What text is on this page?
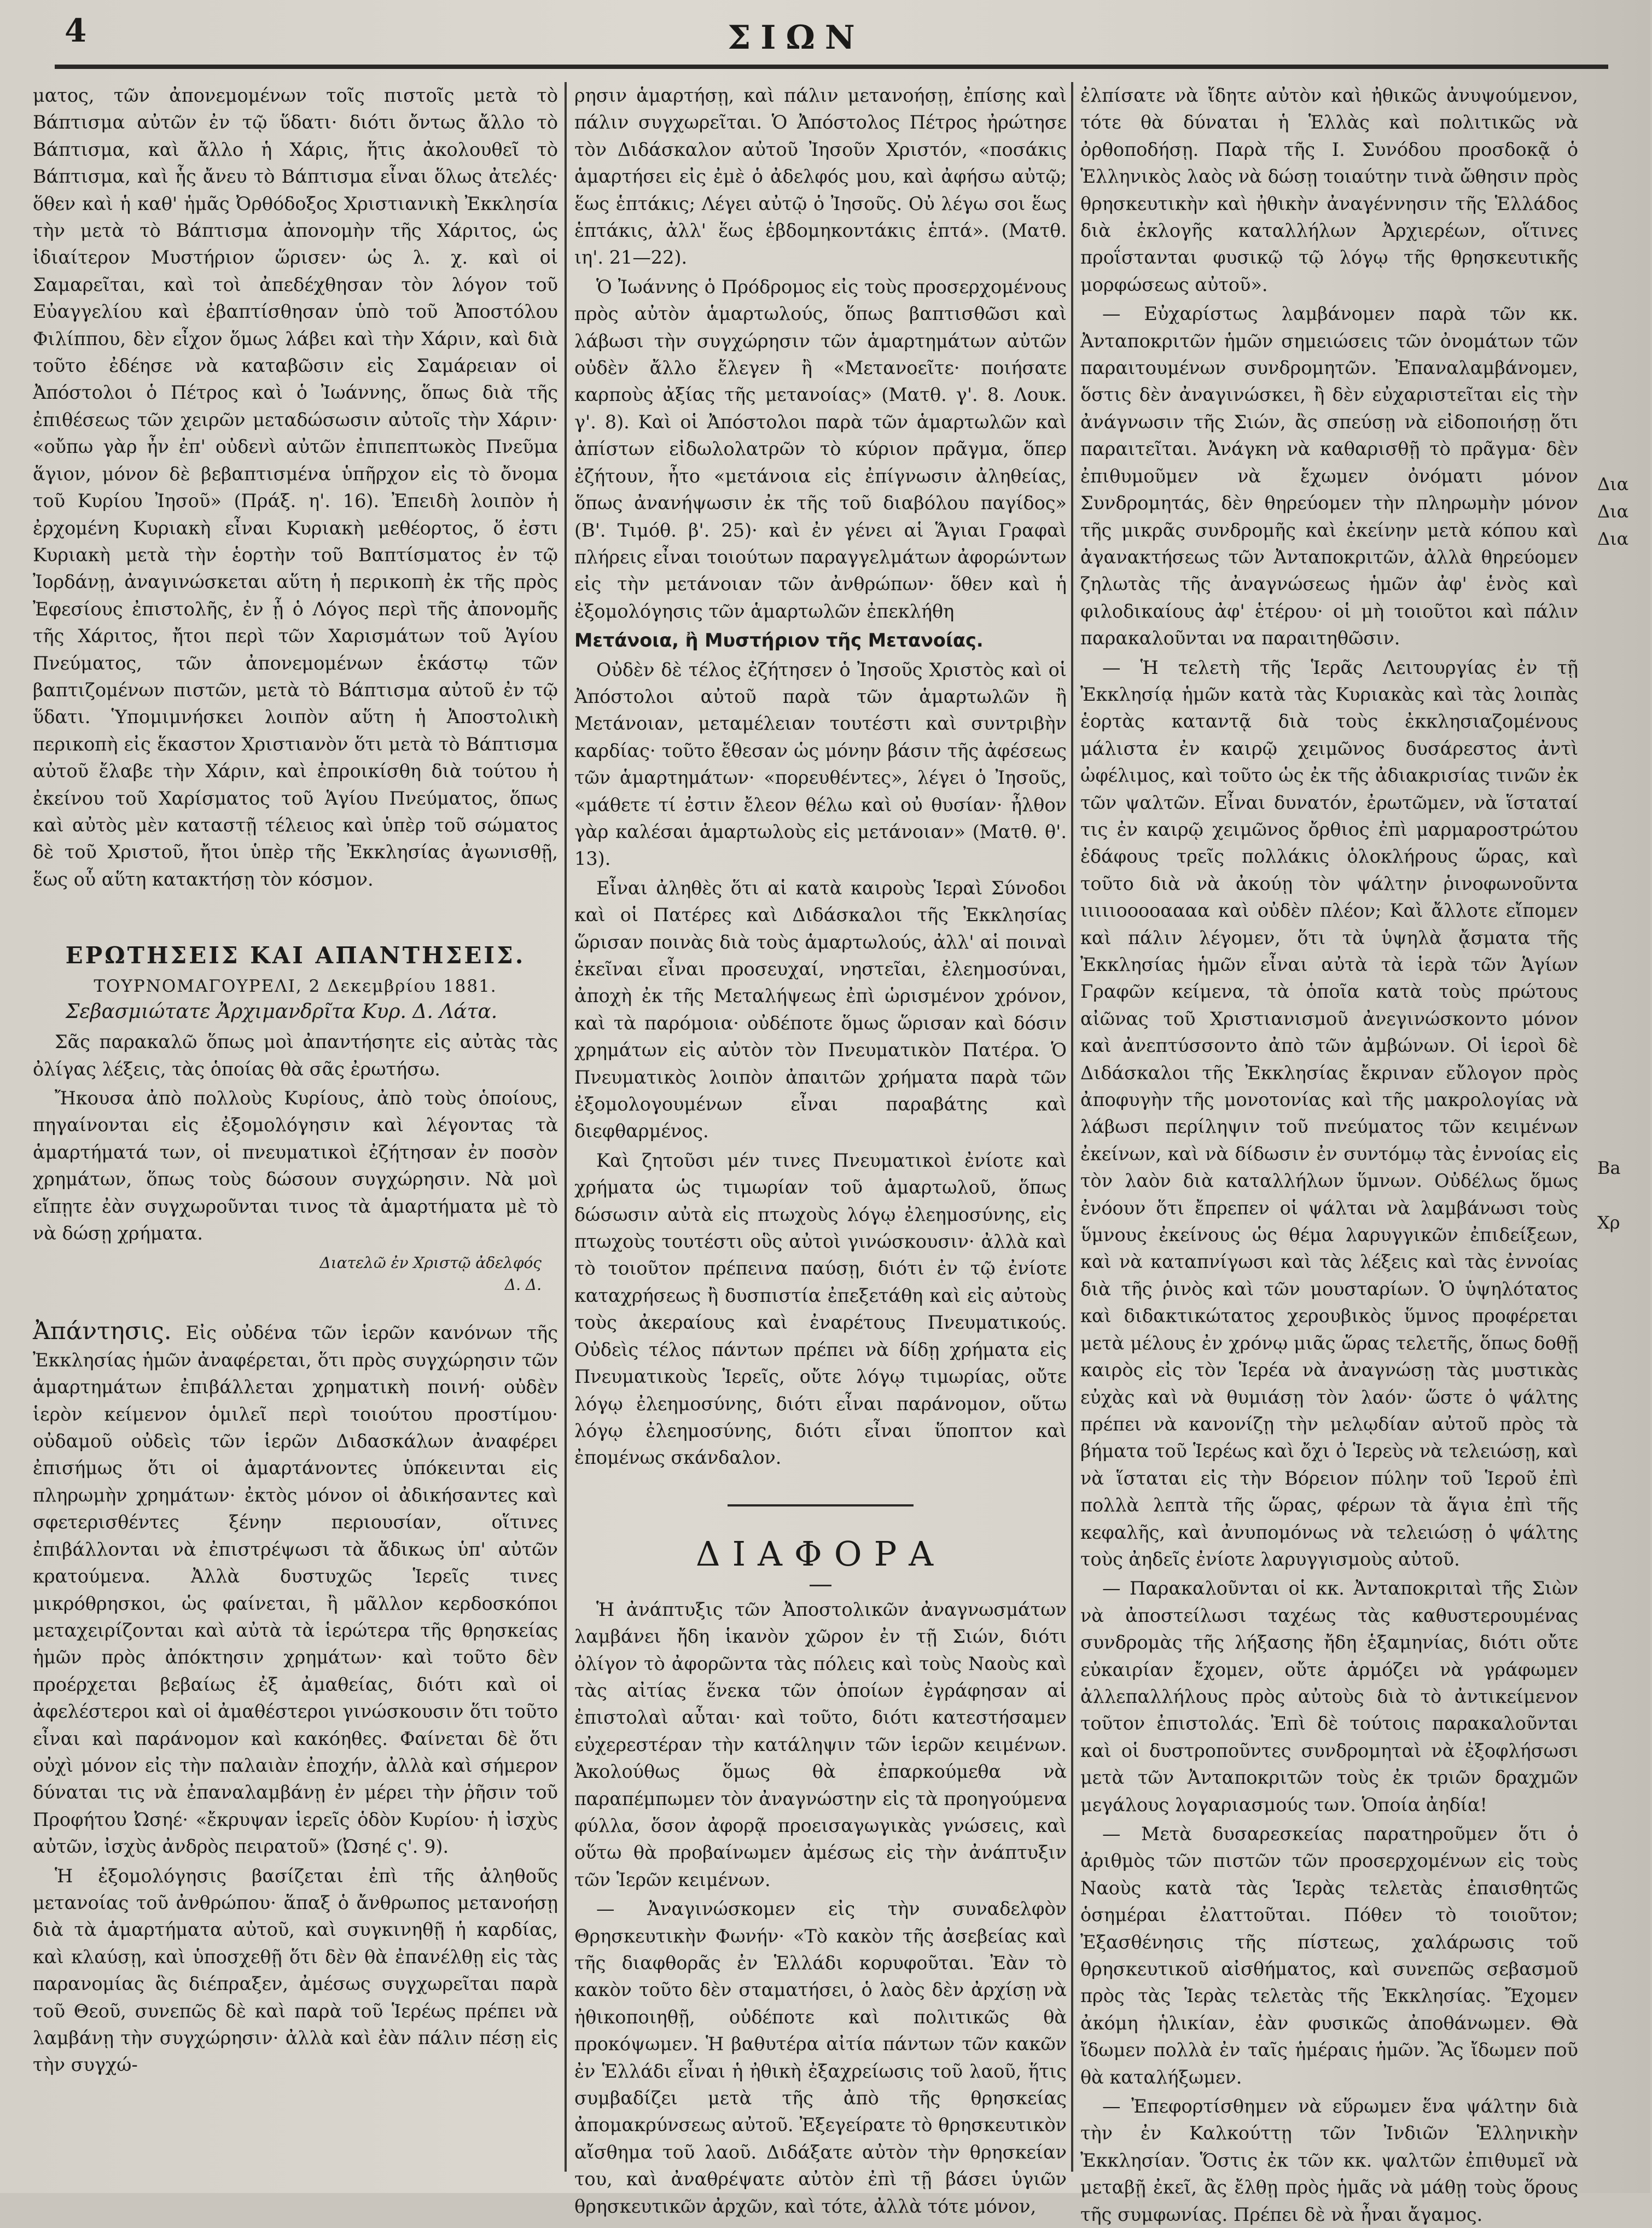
4	ΣΙΩΝ

ματος, τῶν ἀπονεμομένων τοῖς πιστοῖς μετὰ τὸ Βάπτισμα αὐτῶν ἐν τῷ ὕδατι· διότι ὄντως ἄλλο τὸ Βάπτισμα, καὶ ἄλλο ἡ Χάρις, ἥτις ἀκολουθεῖ τὸ Βάπτισμα, καὶ ἧς ἄνευ τὸ Βάπτισμα εἶναι ὅλως ἀτελές· ὅθεν καὶ ἡ καθ' ἡμᾶς Ὀρθόδοξος Χριστιανικὴ Ἐκκλησία τὴν μετὰ τὸ Βάπτισμα ἀπονομὴν τῆς Χάριτος, ὡς ἰδιαίτερον Μυστήριον ὥρισεν· ὡς λ. χ. καὶ οἱ Σαμαρεῖται, καὶ τοὶ ἀπεδέχθησαν τὸν λόγον τοῦ Εὐαγγελίου καὶ ἐβαπτίσθησαν ὑπὸ τοῦ Ἀποστόλου Φιλίππου, δὲν εἶχον ὅμως λάβει καὶ τὴν Χάριν, καὶ διὰ τοῦτο ἐδέησε νὰ καταβῶσιν εἰς Σαμάρειαν οἱ Ἀπόστολοι ὁ Πέτρος καὶ ὁ Ἰωάννης, ὅπως διὰ τῆς ἐπιθέσεως τῶν χειρῶν μεταδώσωσιν αὐτοῖς τὴν Χάριν· «οὔπω γὰρ ἦν ἐπ' οὐδενὶ αὐτῶν ἐπιπεπτωκὸς Πνεῦμα ἅγιον, μόνον δὲ βεβαπτισμένα ὑπῆρχον εἰς τὸ ὄνομα τοῦ Κυρίου Ἰησοῦ» (Πράξ. η'. 16). Ἐπειδὴ λοιπὸν ἡ ἐρχομένη Κυριακὴ εἶναι Κυριακὴ μεθέορτος, ὅ ἐστι Κυριακὴ μετὰ τὴν ἑορτὴν τοῦ Βαπτίσματος ἐν τῷ Ἰορδάνῃ, ἀναγινώσκεται αὕτη ἡ περικοπὴ ἐκ τῆς πρὸς Ἐφεσίους ἐπιστολῆς, ἐν ᾗ ὁ Λόγος περὶ τῆς ἀπονομῆς τῆς Χάριτος, ἤτοι περὶ τῶν Χαρισμάτων τοῦ Ἁγίου Πνεύματος, τῶν ἀπονεμομένων ἑκάστῳ τῶν βαπτιζομένων πιστῶν, μετὰ τὸ Βάπτισμα αὐτοῦ ἐν τῷ ὕδατι. Ὑπομιμνήσκει λοιπὸν αὕτη ἡ Ἀποστολικὴ περικοπὴ εἰς ἕκαστον Χριστιανὸν ὅτι μετὰ τὸ Βάπτισμα αὐτοῦ ἔλαβε τὴν Χάριν, καὶ ἐπροικίσθη διὰ τούτου ἡ ἐκείνου τοῦ Χαρίσματος τοῦ Ἁγίου Πνεύματος, ὅπως καὶ αὐτὸς μὲν καταστῇ τέλειος καὶ ὑπὲρ τοῦ σώματος δὲ τοῦ Χριστοῦ, ἤτοι ὑπὲρ τῆς Ἐκκλησίας ἀγωνισθῇ, ἕως οὗ αὕτη κατακτήσῃ τὸν κόσμον.

ΕΡΩΤΗΣΕΙΣ ΚΑΙ ΑΠΑΝΤΗΣΕΙΣ.
ΤΟΥΡΝΟΜΑΓΟΥΡΕΛΙ, 2 Δεκεμβρίου 1881.
Σεβασμιώτατε Ἀρχιμανδρῖτα Κυρ. Δ. Λάτα.

Σᾶς παρακαλῶ ὅπως μοὶ ἀπαντήσητε εἰς αὐτὰς τὰς ὀλίγας λέξεις, τὰς ὁποίας θὰ σᾶς ἐρωτήσω.

Ἤκουσα ἀπὸ πολλοὺς Κυρίους, ἀπὸ τοὺς ὁποίους, πηγαίνονται εἰς ἐξομολόγησιν καὶ λέγοντας τὰ ἁμαρτήματά των, οἱ πνευματικοὶ ἐζήτησαν ἐν ποσὸν χρημάτων, ὅπως τοὺς δώσουν συγχώρησιν. Νὰ μοὶ εἴπῃτε ἐὰν συγχωροῦνται τινος τὰ ἁμαρτήματα μὲ τὸ νὰ δώσῃ χρήματα.

Διατελῶ ἐν Χριστῷ ἀδελφός
Δ. Δ.

Ἀπάντησις. Εἰς οὐδένα τῶν ἱερῶν κανόνων τῆς Ἐκκλησίας ἡμῶν ἀναφέρεται, ὅτι πρὸς συγχώρησιν τῶν ἁμαρτημάτων ἐπιβάλλεται χρηματικὴ ποινή· οὐδὲν ἱερὸν κείμενον ὁμιλεῖ περὶ τοιούτου προστίμου· οὐδαμοῦ οὐδεὶς τῶν ἱερῶν Διδασκάλων ἀναφέρει ἐπισήμως ὅτι οἱ ἁμαρτάνοντες ὑπόκεινται εἰς πληρωμὴν χρημάτων· ἐκτὸς μόνον οἱ ἀδικήσαντες καὶ σφετερισθέντες ξένην περιουσίαν, οἵτινες ἐπιβάλλονται νὰ ἐπιστρέψωσι τὰ ἄδικως ὑπ' αὐτῶν κρατούμενα. Ἀλλὰ δυστυχῶς Ἱερεῖς τινες μικρόθρησκοι, ὡς φαίνεται, ἢ μᾶλλον κερδοσκόποι μεταχειρίζονται καὶ αὐτὰ τὰ ἱερώτερα τῆς θρησκείας ἡμῶν πρὸς ἀπόκτησιν χρημάτων· καὶ τοῦτο δὲν προέρχεται βεβαίως ἐξ ἀμαθείας, διότι καὶ οἱ ἀφελέστεροι καὶ οἱ ἀμαθέστεροι γινώσκουσιν ὅτι τοῦτο εἶναι καὶ παράνομον καὶ κακόηθες. Φαίνεται δὲ ὅτι οὐχὶ μόνον εἰς τὴν παλαιὰν ἐποχήν, ἀλλὰ καὶ σήμερον δύναται τις νὰ ἐπαναλαμβάνῃ ἐν μέρει τὴν ῥῆσιν τοῦ Προφήτου Ὠσηέ· «ἔκρυψαν ἱερεῖς ὁδὸν Κυρίου· ἡ ἰσχὺς αὐτῶν, ἰσχὺς ἀνδρὸς πειρατοῦ» (Ὠσηέ ς'. 9).

Ἡ ἐξομολόγησις βασίζεται ἐπὶ τῆς ἀληθοῦς μετανοίας τοῦ ἀνθρώπου· ἅπαξ ὁ ἄνθρωπος μετανοήσῃ διὰ τὰ ἁμαρτήματα αὐτοῦ, καὶ συγκινηθῇ ἡ καρδίας, καὶ κλαύσῃ, καὶ ὑποσχεθῇ ὅτι δὲν θὰ ἐπανέλθῃ εἰς τὰς παρανομίας ἃς διέπραξεν, ἀμέσως συγχωρεῖται παρὰ τοῦ Θεοῦ, συνεπῶς δὲ καὶ παρὰ τοῦ Ἱερέως πρέπει νὰ λαμβάνῃ τὴν συγχώρησιν· ἀλλὰ καὶ ἐὰν πάλιν πέσῃ εἰς τὴν συγχώ-

ρησιν ἁμαρτήσῃ, καὶ πάλιν μετανοήσῃ, ἐπίσης καὶ πάλιν συγχωρεῖται. Ὁ Ἀπόστολος Πέτρος ἠρώτησε τὸν Διδάσκαλον αὐτοῦ Ἰησοῦν Χριστόν, «ποσάκις ἁμαρτήσει εἰς ἐμὲ ὁ ἀδελφός μου, καὶ ἀφήσω αὐτῷ; ἕως ἑπτάκις; Λέγει αὐτῷ ὁ Ἰησοῦς. Οὐ λέγω σοι ἕως ἑπτάκις, ἀλλ' ἕως ἑβδομηκοντάκις ἑπτά». (Ματθ. ιη'. 21—22).

Ὁ Ἰωάννης ὁ Πρόδρομος εἰς τοὺς προσερχομένους πρὸς αὐτὸν ἁμαρτωλούς, ὅπως βαπτισθῶσι καὶ λάβωσι τὴν συγχώρησιν τῶν ἁμαρτημάτων αὐτῶν οὐδὲν ἄλλο ἔλεγεν ἢ «Μετανοεῖτε· ποιήσατε καρποὺς ἀξίας τῆς μετανοίας» (Ματθ. γ'. 8. Λουκ. γ'. 8). Καὶ οἱ Ἀπόστολοι παρὰ τῶν ἁμαρτωλῶν καὶ ἀπίστων εἰδωλολατρῶν τὸ κύριον πρᾶγμα, ὅπερ ἐζήτουν, ἦτο «μετάνοια εἰς ἐπίγνωσιν ἀληθείας, ὅπως ἀνανήψωσιν ἐκ τῆς τοῦ διαβόλου παγίδος» (Β'. Τιμόθ. β'. 25)· καὶ ἐν γένει αἱ Ἅγιαι Γραφαὶ πλήρεις εἶναι τοιούτων παραγγελμάτων ἀφορώντων εἰς τὴν μετάνοιαν τῶν ἀνθρώπων· ὅθεν καὶ ἡ ἐξομολόγησις τῶν ἁμαρτωλῶν ἐπεκλήθη

Μετάνοια, ἢ Μυστήριον τῆς Μετανοίας.

Οὐδὲν δὲ τέλος ἐζήτησεν ὁ Ἰησοῦς Χριστὸς καὶ οἱ Ἀπόστολοι αὐτοῦ παρὰ τῶν ἁμαρτωλῶν ἢ Μετάνοιαν, μεταμέλειαν τουτέστι καὶ συντριβὴν καρδίας· τοῦτο ἔθεσαν ὡς μόνην βάσιν τῆς ἀφέσεως τῶν ἁμαρτημάτων· «πορευθέντες», λέγει ὁ Ἰησοῦς, «μάθετε τί ἐστιν ἔλεον θέλω καὶ οὐ θυσίαν· ἦλθον γὰρ καλέσαι ἁμαρτωλοὺς εἰς μετάνοιαν» (Ματθ. θ'. 13).

Εἶναι ἀληθὲς ὅτι αἱ κατὰ καιροὺς Ἱεραὶ Σύνοδοι καὶ οἱ Πατέρες καὶ Διδάσκαλοι τῆς Ἐκκλησίας ὥρισαν ποινὰς διὰ τοὺς ἁμαρτωλούς, ἀλλ' αἱ ποιναὶ ἐκεῖναι εἶναι προσευχαί, νηστεῖαι, ἐλεημοσύναι, ἀποχὴ ἐκ τῆς Μεταλήψεως ἐπὶ ὡρισμένον χρόνον, καὶ τὰ παρόμοια· οὐδέποτε ὅμως ὥρισαν καὶ δόσιν χρημάτων εἰς αὐτὸν τὸν Πνευματικὸν Πατέρα. Ὁ Πνευματικὸς λοιπὸν ἀπαιτῶν χρήματα παρὰ τῶν ἐξομολογουμένων εἶναι παραβάτης καὶ διεφθαρμένος.

Καὶ ζητοῦσι μέν τινες Πνευματικοὶ ἐνίοτε καὶ χρήματα ὡς τιμωρίαν τοῦ ἁμαρτωλοῦ, ὅπως δώσωσιν αὐτὰ εἰς πτωχοὺς λόγῳ ἐλεημοσύνης, εἰς πτωχοὺς τουτέστι οὓς αὐτοὶ γινώσκουσιν· ἀλλὰ καὶ τὸ τοιοῦτον πρέπεινα παύσῃ, διότι ἐν τῷ ἐνίοτε καταχρήσεως ἢ δυσπιστία ἐπεξετάθη καὶ εἰς αὐτοὺς τοὺς ἀκεραίους καὶ ἐναρέτους Πνευματικούς. Οὐδεὶς τέλος πάντων πρέπει νὰ δίδῃ χρήματα εἰς Πνευματικοὺς Ἱερεῖς, οὔτε λόγῳ τιμωρίας, οὔτε λόγῳ ἐλεημοσύνης, διότι εἶναι παράνομον, οὕτω λόγῳ ἐλεημοσύνης, διότι εἶναι ὕποπτον καὶ ἐπομένως σκάνδαλον.

ΔΙΑΦΟΡΑ

Ἡ ἀνάπτυξις τῶν Ἀποστολικῶν ἀναγνωσμάτων λαμβάνει ἤδη ἱκανὸν χῶρον ἐν τῇ Σιών, διότι ὀλίγον τὸ ἀφορῶντα τὰς πόλεις καὶ τοὺς Ναοὺς καὶ τὰς αἰτίας ἕνεκα τῶν ὁποίων ἐγράφησαν αἱ ἐπιστολαὶ αὗται· καὶ τοῦτο, διότι κατεστήσαμεν εὐχερεστέραν τὴν κατάληψιν τῶν ἱερῶν κειμένων. Ἀκολούθως ὅμως θὰ ἐπαρκούμεθα νὰ παραπέμπωμεν τὸν ἀναγνώστην εἰς τὰ προηγούμενα φύλλα, ὅσον ἀφορᾷ προεισαγωγικὰς γνώσεις, καὶ οὕτω θὰ προβαίνωμεν ἀμέσως εἰς τὴν ἀνάπτυξιν τῶν Ἱερῶν κειμένων.

— Ἀναγινώσκομεν εἰς τὴν συναδελφὸν Θρησκευτικὴν Φωνήν· «Τὸ κακὸν τῆς ἀσεβείας καὶ τῆς διαφθορᾶς ἐν Ἑλλάδι κορυφοῦται. Ἐὰν τὸ κακὸν τοῦτο δὲν σταματήσει, ὁ λαὸς δὲν ἀρχίσῃ νὰ ἠθικοποιηθῇ, οὐδέποτε καὶ πολιτικῶς θὰ προκόψωμεν. Ἡ βαθυτέρα αἰτία πάντων τῶν κακῶν ἐν Ἑλλάδι εἶναι ἡ ἠθικὴ ἐξαχρείωσις τοῦ λαοῦ, ἥτις συμβαδίζει μετὰ τῆς ἀπὸ τῆς θρησκείας ἀπομακρύνσεως αὐτοῦ. Ἐξεγείρατε τὸ θρησκευτικὸν αἴσθημα τοῦ λαοῦ. Διδάξατε αὐτὸν τὴν θρησκείαν του, καὶ ἀναθρέψατε αὐτὸν ἐπὶ τῇ βάσει ὑγιῶν θρησκευτικῶν ἀρχῶν, καὶ τότε, ἀλλὰ τότε μόνον,

ἐλπίσατε νὰ ἴδητε αὐτὸν καὶ ἠθικῶς ἀνυψούμενον, τότε θὰ δύναται ἡ Ἑλλὰς καὶ πολιτικῶς νὰ ὀρθοποδήσῃ. Παρὰ τῆς Ι. Συνόδου προσδοκᾷ ὁ Ἑλληνικὸς λαὸς νὰ δώσῃ τοιαύτην τινὰ ὤθησιν πρὸς θρησκευτικὴν καὶ ἠθικὴν ἀναγέννησιν τῆς Ἑλλάδος διὰ ἐκλογῆς καταλλήλων Ἀρχιερέων, οἵτινες προΐστανται φυσικῷ τῷ λόγῳ τῆς θρησκευτικῆς μορφώσεως αὐτοῦ».

— Εὐχαρίστως λαμβάνομεν παρὰ τῶν κκ. Ἀνταποκριτῶν ἡμῶν σημειώσεις τῶν ὀνομάτων τῶν παραιτουμένων συνδρομητῶν. Ἐπαναλαμβάνομεν, ὅστις δὲν ἀναγινώσκει, ἢ δὲν εὐχαριστεῖται εἰς τὴν ἀνάγνωσιν τῆς Σιών, ἂς σπεύσῃ νὰ εἰδοποιήσῃ ὅτι παραιτεῖται. Ἀνάγκη νὰ καθαρισθῇ τὸ πρᾶγμα· δὲν ἐπιθυμοῦμεν νὰ ἔχωμεν ὀνόματι μόνον Συνδρομητάς, δὲν θηρεύομεν τὴν πληρωμὴν μόνον τῆς μικρᾶς συνδρομῆς καὶ ἐκείνην μετὰ κόπου καὶ ἀγανακτήσεως τῶν Ἀνταποκριτῶν, ἀλλὰ θηρεύομεν ζηλωτὰς τῆς ἀναγνώσεως ἡμῶν ἀφ' ἑνὸς καὶ φιλοδικαίους ἀφ' ἑτέρου· οἱ μὴ τοιοῦτοι καὶ πάλιν παρακαλοῦνται να παραιτηθῶσιν.

— Ἡ τελετὴ τῆς Ἱερᾶς Λειτουργίας ἐν τῇ Ἐκκλησίᾳ ἡμῶν κατὰ τὰς Κυριακὰς καὶ τὰς λοιπὰς ἑορτὰς καταντᾷ διὰ τοὺς ἐκκλησιαζομένους μάλιστα ἐν καιρῷ χειμῶνος δυσάρεστος ἀντὶ ὠφέλιμος, καὶ τοῦτο ὡς ἐκ τῆς ἀδιακρισίας τινῶν ἐκ τῶν ψαλτῶν. Εἶναι δυνατόν, ἐρωτῶμεν, νὰ ἵσταταί τις ἐν καιρῷ χειμῶνος ὄρθιος ἐπὶ μαρμαροστρώτου ἐδάφους τρεῖς πολλάκις ὁλοκλήρους ὥρας, καὶ τοῦτο διὰ νὰ ἀκούῃ τὸν ψάλτην ῥινοφωνοῦντα ιιιιιοοοοαααα καὶ οὐδὲν πλέον; Καὶ ἄλλοτε εἴπομεν καὶ πάλιν λέγομεν, ὅτι τὰ ὑψηλὰ ᾄσματα τῆς Ἐκκλησίας ἡμῶν εἶναι αὐτὰ τὰ ἱερὰ τῶν Ἁγίων Γραφῶν κείμενα, τὰ ὁποῖα κατὰ τοὺς πρώτους αἰῶνας τοῦ Χριστιανισμοῦ ἀνεγινώσκοντο μόνον καὶ ἀνεπτύσσοντο ἀπὸ τῶν ἀμβώνων. Οἱ ἱεροὶ δὲ Διδάσκαλοι τῆς Ἐκκλησίας ἔκριναν εὔλογον πρὸς ἀποφυγὴν τῆς μονοτονίας καὶ τῆς μακρολογίας νὰ λάβωσι περίληψιν τοῦ πνεύματος τῶν κειμένων ἐκείνων, καὶ νὰ δίδωσιν ἐν συντόμῳ τὰς ἐννοίας εἰς τὸν λαὸν διὰ καταλλήλων ὕμνων. Οὐδέλως ὅμως ἐνόουν ὅτι ἔπρεπεν οἱ ψάλται νὰ λαμβάνωσι τοὺς ὕμνους ἐκείνους ὡς θέμα λαρυγγικῶν ἐπιδείξεων, καὶ νὰ καταπνίγωσι καὶ τὰς λέξεις καὶ τὰς ἐννοίας διὰ τῆς ῥινὸς καὶ τῶν μουσταρίων. Ὁ ὑψηλότατος καὶ διδακτικώτατος χερουβικὸς ὕμνος προφέρεται μετὰ μέλους ἐν χρόνῳ μιᾶς ὥρας τελετῆς, ὅπως δοθῇ καιρὸς εἰς τὸν Ἱερέα νὰ ἀναγνώσῃ τὰς μυστικὰς εὐχὰς καὶ νὰ θυμιάσῃ τὸν λαόν· ὥστε ὁ ψάλτης πρέπει νὰ κανονίζῃ τὴν μελῳδίαν αὐτοῦ πρὸς τὰ βήματα τοῦ Ἱερέως καὶ ὄχι ὁ Ἱερεὺς νὰ τελειώσῃ, καὶ νὰ ἵσταται εἰς τὴν Βόρειον πύλην τοῦ Ἱεροῦ ἐπὶ πολλὰ λεπτὰ τῆς ὥρας, φέρων τὰ ἅγια ἐπὶ τῆς κεφαλῆς, καὶ ἀνυπομόνως νὰ τελειώσῃ ὁ ψάλτης τοὺς ἀηδεῖς ἐνίοτε λαρυγγισμοὺς αὐτοῦ.

— Παρακαλοῦνται οἱ κκ. Ἀνταποκριταὶ τῆς Σιὼν νὰ ἀποστείλωσι ταχέως τὰς καθυστερουμένας συνδρομὰς τῆς λήξασης ἤδη ἑξαμηνίας, διότι οὔτε εὐκαιρίαν ἔχομεν, οὔτε ἁρμόζει νὰ γράφωμεν ἀλλεπαλλήλους πρὸς αὐτοὺς διὰ τὸ ἀντικείμενον τοῦτον ἐπιστολάς. Ἐπὶ δὲ τούτοις παρακαλοῦνται καὶ οἱ δυστροποῦντες συνδρομηταὶ νὰ ἐξοφλήσωσι μετὰ τῶν Ἀνταποκριτῶν τοὺς ἐκ τριῶν δραχμῶν μεγάλους λογαριασμούς των. Ὁποία ἀηδία!

— Μετὰ δυσαρεσκείας παρατηροῦμεν ὅτι ὁ ἀριθμὸς τῶν πιστῶν τῶν προσερχομένων εἰς τοὺς Ναοὺς κατὰ τὰς Ἱερὰς τελετὰς ἐπαισθητῶς ὁσημέραι ἐλαττοῦται. Πόθεν τὸ τοιοῦτον; Ἐξασθένησις τῆς πίστεως, χαλάρωσις τοῦ θρησκευτικοῦ αἰσθήματος, καὶ συνεπῶς σεβασμοῦ πρὸς τὰς Ἱερὰς τελετὰς τῆς Ἐκκλησίας. Ἔχομεν ἀκόμη ἡλικίαν, ἐὰν φυσικῶς ἀποθάνωμεν. Θὰ ἴδωμεν πολλὰ ἐν ταῖς ἡμέραις ἡμῶν. Ἂς ἴδωμεν ποῦ θὰ καταλήξωμεν.

— Ἐπεφορτίσθημεν νὰ εὕρωμεν ἕνα ψάλτην διὰ τὴν ἐν Καλκούττῃ τῶν Ἰνδιῶν Ἑλληνικὴν Ἐκκλησίαν. Ὅστις ἐκ τῶν κκ. ψαλτῶν ἐπιθυμεῖ νὰ μεταβῇ ἐκεῖ, ἂς ἔλθῃ πρὸς ἡμᾶς νὰ μάθῃ τοὺς ὅρους τῆς συμφωνίας. Πρέπει δὲ νὰ ἦναι ἄγαμος.

Δια
Δια
Δια
Ba
Xρ
